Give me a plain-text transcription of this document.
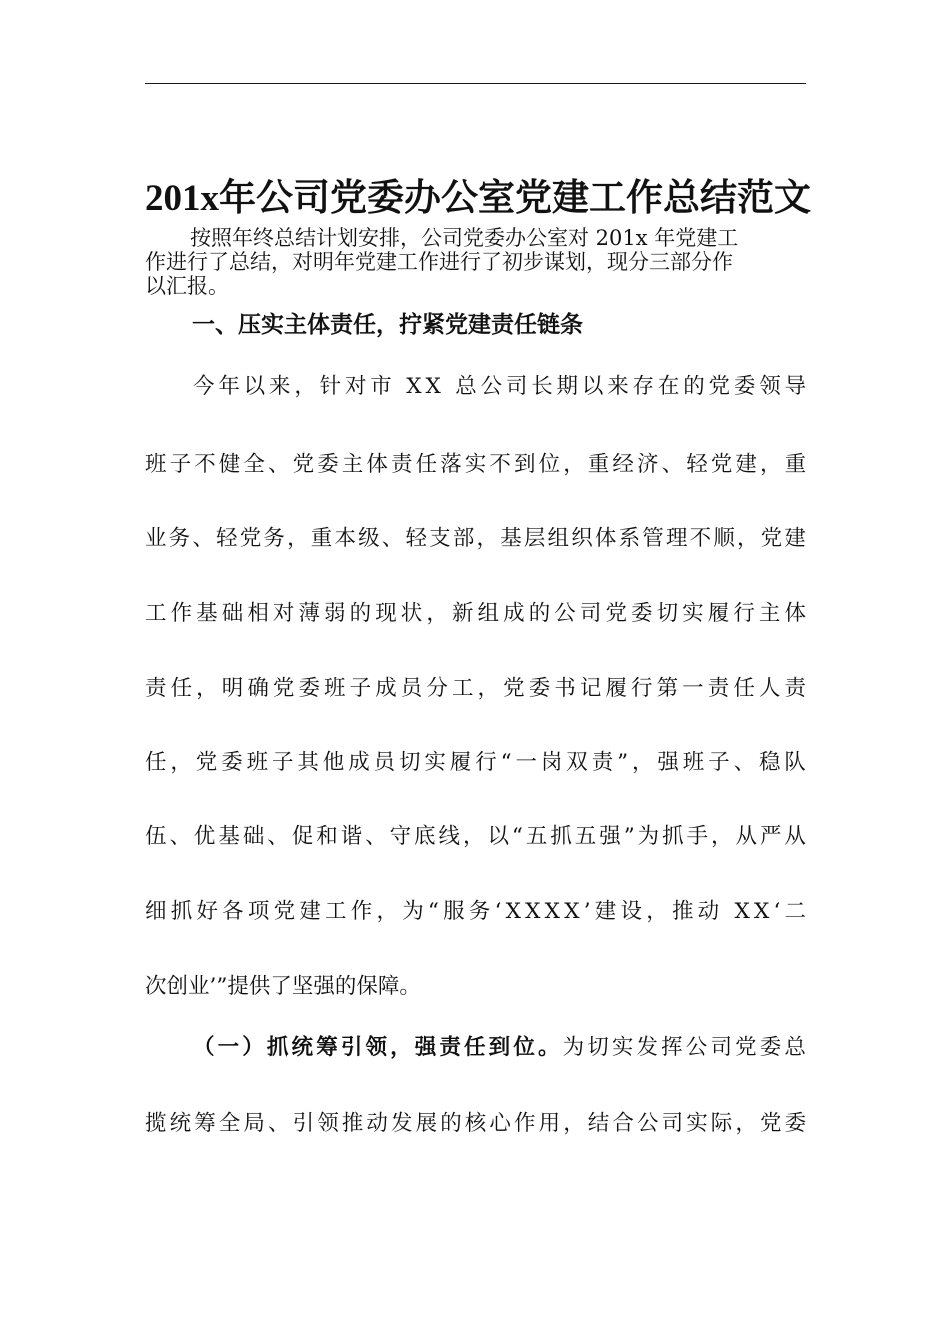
201x年公司党委办公室党建工作总结范文
按照年终总结计划安排，公司党委办公室对 201x 年党建工
作进行了总结，对明年党建工作进行了初步谋划，现分三部分作
以汇报。
一、压实主体责任，拧紧党建责任链条
今年以来，针对市 XX 总公司长期以来存在的党委领导
班子不健全、党委主体责任落实不到位，重经济、轻党建，重
业务、轻党务，重本级、轻支部，基层组织体系管理不顺，党建
工作基础相对薄弱的现状，新组成的公司党委切实履行主体
责任，明确党委班子成员分工，党委书记履行第一责任人责
任，党委班子其他成员切实履行“一岗双责”，强班子、稳队
伍、优基础、促和谐、守底线，以“五抓五强”为抓手，从严从
细抓好各项党建工作，为“服务‘XXXX’建设，推动 XX‘二
次创业’”提供了坚强的保障。
（一）抓统筹引领，强责任到位。为切实发挥公司党委总
揽统筹全局、引领推动发展的核心作用，结合公司实际，党委
